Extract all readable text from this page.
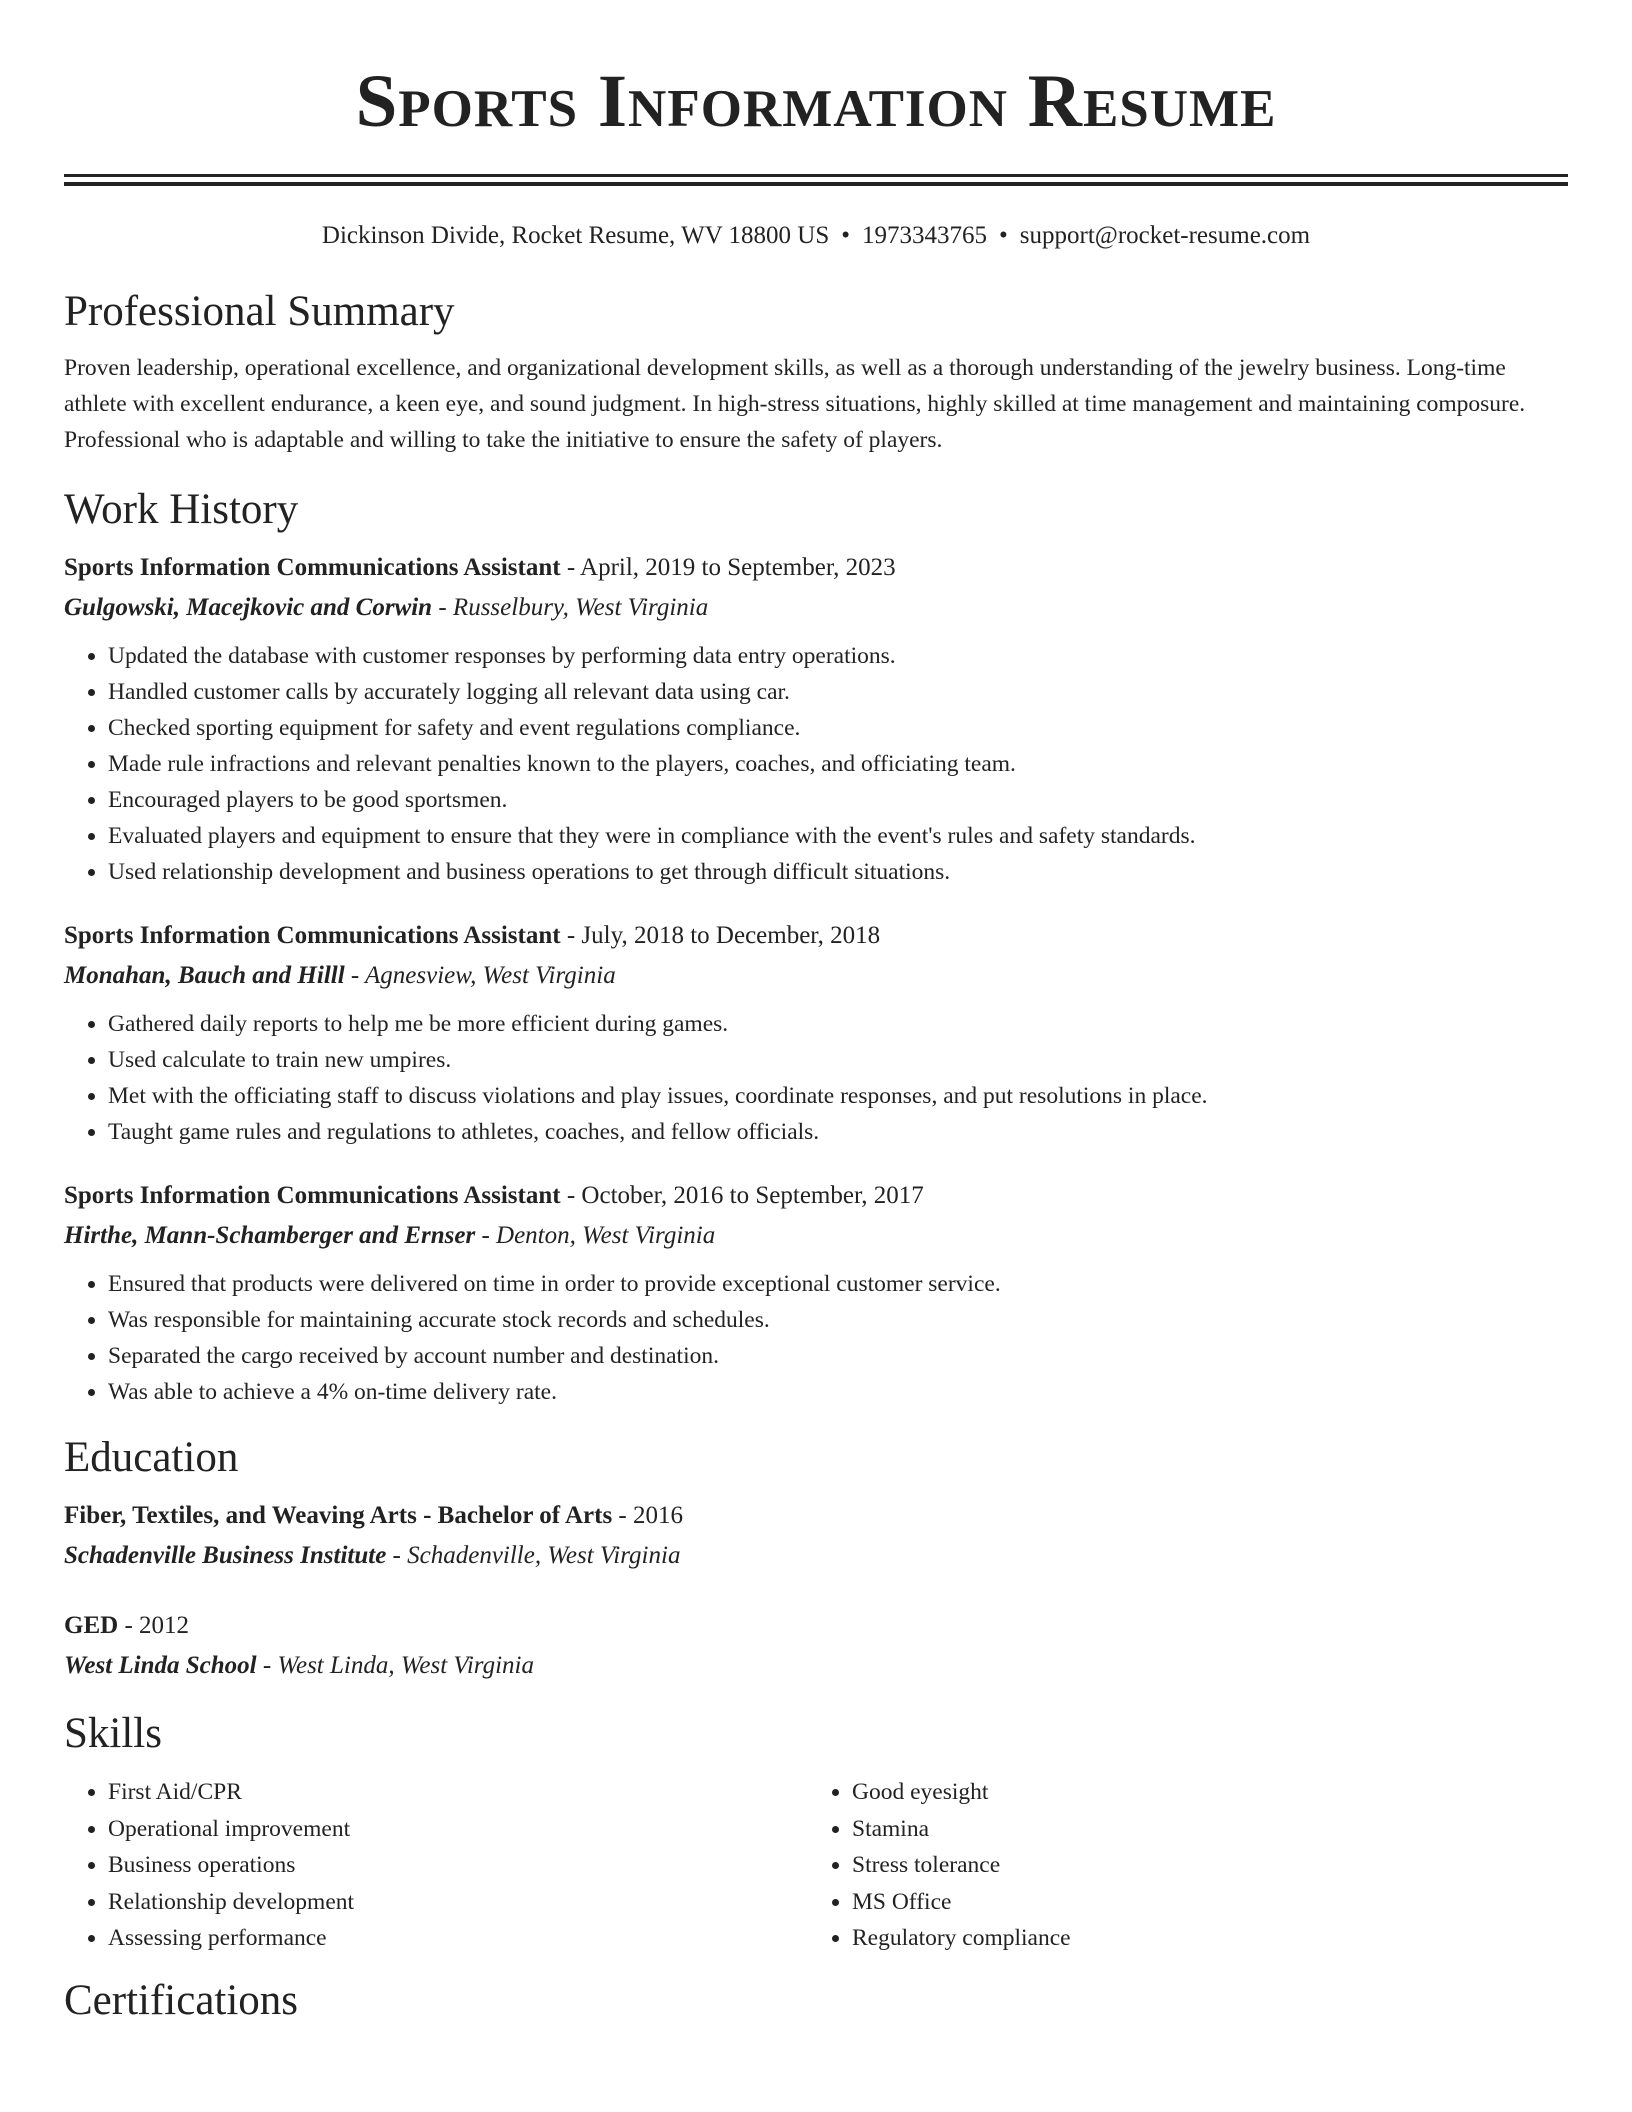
Sports Information Resume
Dickinson Divide, Rocket Resume, WV 18800 US • 1973343765 • support@rocket-resume.com
Professional Summary

Proven leadership, operational excellence, and organizational development skills, as well as a thorough understanding of the jewelry business. Long-time athlete with excellent endurance, a keen eye, and sound judgment. In high-stress situations, highly skilled at time management and maintaining composure. Professional who is adaptable and willing to take the initiative to ensure the safety of players.

Work History

Sports Information Communications Assistant - April, 2019 to September, 2023

Gulgowski, Macejkovic and Corwin - Russelbury, West Virginia

• Updated the database with customer responses by performing data entry operations.
• Handled customer calls by accurately logging all relevant data using car.
• Checked sporting equipment for safety and event regulations compliance.
• Made rule infractions and relevant penalties known to the players, coaches, and officiating team.
• Encouraged players to be good sportsmen.
• Evaluated players and equipment to ensure that they were in compliance with the event's rules and safety standards.
• Used relationship development and business operations to get through difficult situations.

Sports Information Communications Assistant - July, 2018 to December, 2018

Monahan, Bauch and Hilll - Agnesview, West Virginia

• Gathered daily reports to help me be more efficient during games.
• Used calculate to train new umpires.
• Met with the officiating staff to discuss violations and play issues, coordinate responses, and put resolutions in place.
• Taught game rules and regulations to athletes, coaches, and fellow officials.

Sports Information Communications Assistant - October, 2016 to September, 2017

Hirthe, Mann-Schamberger and Ernser - Denton, West Virginia

• Ensured that products were delivered on time in order to provide exceptional customer service.
• Was responsible for maintaining accurate stock records and schedules.
• Separated the cargo received by account number and destination.
• Was able to achieve a 4% on-time delivery rate.
Education

Fiber, Textiles, and Weaving Arts - Bachelor of Arts - 2016

Schadenville Business Institute - Schadenville, West Virginia

GED - 2012

West Linda School - West Linda, West Virginia

Skills
• First Aid/CPR
• Operational improvement
• Business operations
• Relationship development
• Assessing performance
• Good eyesight
• Stamina
• Stress tolerance
• MS Office
• Regulatory compliance
Certifications
